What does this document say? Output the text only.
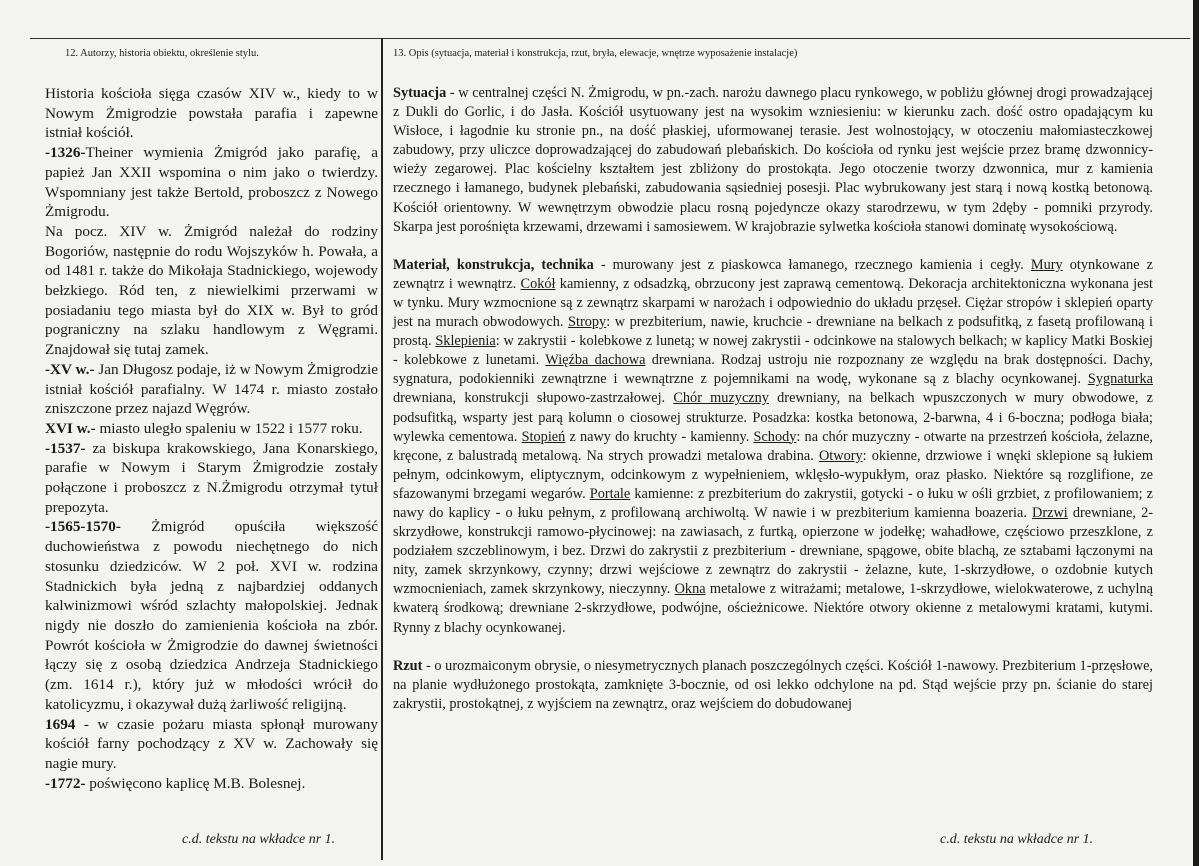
12. Autorzy, historia obiektu, określenie stylu.	13. Opis (sytuacja, materiał i konstrukcja, rzut, bryła, elewacje, wnętrze wyposażenie instalacje)

Historia kościoła sięga czasów XIV w., kiedy to w Nowym Żmigrodzie powstała parafia i zapewne istniał kościół.

-1326-Theiner wymienia Żmigród jako parafię, a papież Jan XXII wspomina o nim jako o twierdzy. Wspomniany jest także Bertold, proboszcz z Nowego Żmigrodu.

Na pocz. XIV w. Żmigród należał do rodziny Bogoriów, następnie do rodu Wojszyków h. Powała, a od 1481 r. także do Mikołaja Stadnickiego, wojewody bełzkiego. Ród ten, z niewielkimi przerwami w posiadaniu tego miasta był do XIX w. Był to gród pograniczny na szlaku handlowym z Węgrami. Znajdował się tutaj zamek.

-XV w.- Jan Długosz podaje, iż w Nowym Żmigrodzie istniał kościół parafialny. W 1474 r. miasto zostało zniszczone przez najazd Węgrów.

XVI w.- miasto uległo spaleniu w 1522 i 1577 roku.

-1537- za biskupa krakowskiego, Jana Konarskiego, parafie w Nowym i Starym Żmigrodzie zostały połączone i proboszcz z N.Żmigrodu otrzymał tytuł prepozyta.

-1565-1570- Żmigród opuściła większość duchowieństwa z powodu niechętnego do nich stosunku dziedziców. W 2 poł. XVI w. rodzina Stadnickich była jedną z najbardziej oddanych kalwinizmowi wśród szlachty małopolskiej. Jednak nigdy nie doszło do zamienienia kościoła na zbór. Powrót kościoła w Żmigrodzie do dawnej świetności łączy się z osobą dziedzica Andrzeja Stadnickiego (zm. 1614 r.), który już w młodości wrócił do katolicyzmu, i okazywał dużą żarliwość religijną.

1694 - w czasie pożaru miasta spłonął murowany kościół farny pochodzący z XV w. Zachowały się nagie mury.

-1772- poświęcono kaplicę M.B. Bolesnej.

c.d. tekstu na wkładce nr 1.

Sytuacja - w centralnej części N. Żmigrodu, w pn.-zach. narożu dawnego placu rynkowego, w pobliżu głównej drogi prowadzającej z Dukli do Gorlic, i do Jasła. Kościół usytuowany jest na wysokim wzniesieniu: w kierunku zach. dość ostro opadającym ku Wisłoce, i łagodnie ku stronie pn., na dość płaskiej, uformowanej terasie. Jest wolnostojący, w otoczeniu małomiasteczkowej zabudowy, przy uliczce doprowadzającej do zabudowań plebańskich. Do kościoła od rynku jest wejście przez bramę dzwonnicy-wieży zegarowej. Plac kościelny kształtem jest zbliżony do prostokąta. Jego otoczenie tworzy dzwonnica, mur z kamienia rzecznego i łamanego, budynek plebański, zabudowania sąsiedniej posesji. Plac wybrukowany jest starą i nową kostką betonową. Kościół orientowny. W wewnętrzym obwodzie placu rosną pojedyncze okazy starodrzewu, w tym 2dęby - pomniki przyrody. Skarpa jest porośnięta krzewami, drzewami i samosiewem. W krajobrazie sylwetka kościoła stanowi dominatę wysokościową.

Materiał, konstrukcja, technika - murowany jest z piaskowca łamanego, rzecznego kamienia i cegły. Mury otynkowane z zewnątrz i wewnątrz. Cokół kamienny, z odsadzką, obrzucony jest zaprawą cementową. Dekoracja architektoniczna wykonana jest w tynku. Mury wzmocnione są z zewnątrz skarpami w narożach i odpowiednio do układu przęseł. Ciężar stropów i sklepień oparty jest na murach obwodowych. Stropy: w prezbiterium, nawie, kruchcie - drewniane na belkach z podsufitką, z fasetą profilowaną i prostą. Sklepienia: w zakrystii - kolebkowe z lunetą; w nowej zakrystii - odcinkowe na stalowych belkach; w kaplicy Matki Boskiej - kolebkowe z lunetami. Więźba dachowa drewniana. Rodzaj ustroju nie rozpoznany ze względu na brak dostępności. Dachy, sygnatura, podokienniki zewnątrzne i wewnątrzne z pojemnikami na wodę, wykonane są z blachy ocynkowanej. Sygnaturka drewniana, konstrukcji słupowo-zastrzałowej. Chór muzyczny drewniany, na belkach wpuszczonych w mury obwodowe, z podsufitką, wsparty jest parą kolumn o ciosowej strukturze. Posadzka: kostka betonowa, 2-barwna, 4 i 6-boczna; podłoga biała; wylewka cementowa. Stopień z nawy do kruchty - kamienny. Schody: na chór muzyczny - otwarte na przestrzeń kościoła, żelazne, kręcone, z balustradą metalową. Na strych prowadzi metalowa drabina. Otwory: okienne, drzwiowe i wnęki sklepione są łukiem pełnym, odcinkowym, eliptycznym, odcinkowym z wypełnieniem, wklęsło-wypukłym, oraz płasko. Niektóre są rozglifione, ze sfazowanymi brzegami wegarów. Portale kamienne: z prezbiterium do zakrystii, gotycki - o łuku w ośli grzbiet, z profilowaniem; z nawy do kaplicy - o łuku pełnym, z profilowaną archiwoltą. W nawie i w prezbiterium kamienna boazeria. Drzwi drewniane, 2-skrzydłowe, konstrukcji ramowo-płycinowej: na zawiasach, z furtką, opierzone w jodełkę; wahadłowe, częściowo przeszklone, z podziałem szczeblinowym, i bez. Drzwi do zakrystii z prezbiterium - drewniane, spągowe, obite blachą, ze sztabami łączonymi na nity, zamek skrzynkowy, czynny; drzwi wejściowe z zewnątrz do zakrystii - żelazne, kute, 1-skrzydłowe, o ozdobnie kutych wzmocnieniach, zamek skrzynkowy, nieczynny. Okna metalowe z witrażami; metalowe, 1-skrzydłowe, wielokwaterowe, z uchylną kwaterą środkową; drewniane 2-skrzydłowe, podwójne, ościeżnicowe. Niektóre otwory okienne z metalowymi kratami, kutymi. Rynny z blachy ocynkowanej.

Rzut - o urozmaiconym obrysie, o niesymetrycznych planach poszczególnych części. Kościół 1-nawowy. Prezbiterium 1-przęsłowe, na planie wydłużonego prostokąta, zamknięte 3-bocznie, od osi lekko odchylone na pd. Stąd wejście przy pn. ścianie do starej zakrystii, prostokątnej, z wyjściem na zewnątrz, oraz wejściem do dobudowanej

c.d. tekstu na wkładce nr 1.
